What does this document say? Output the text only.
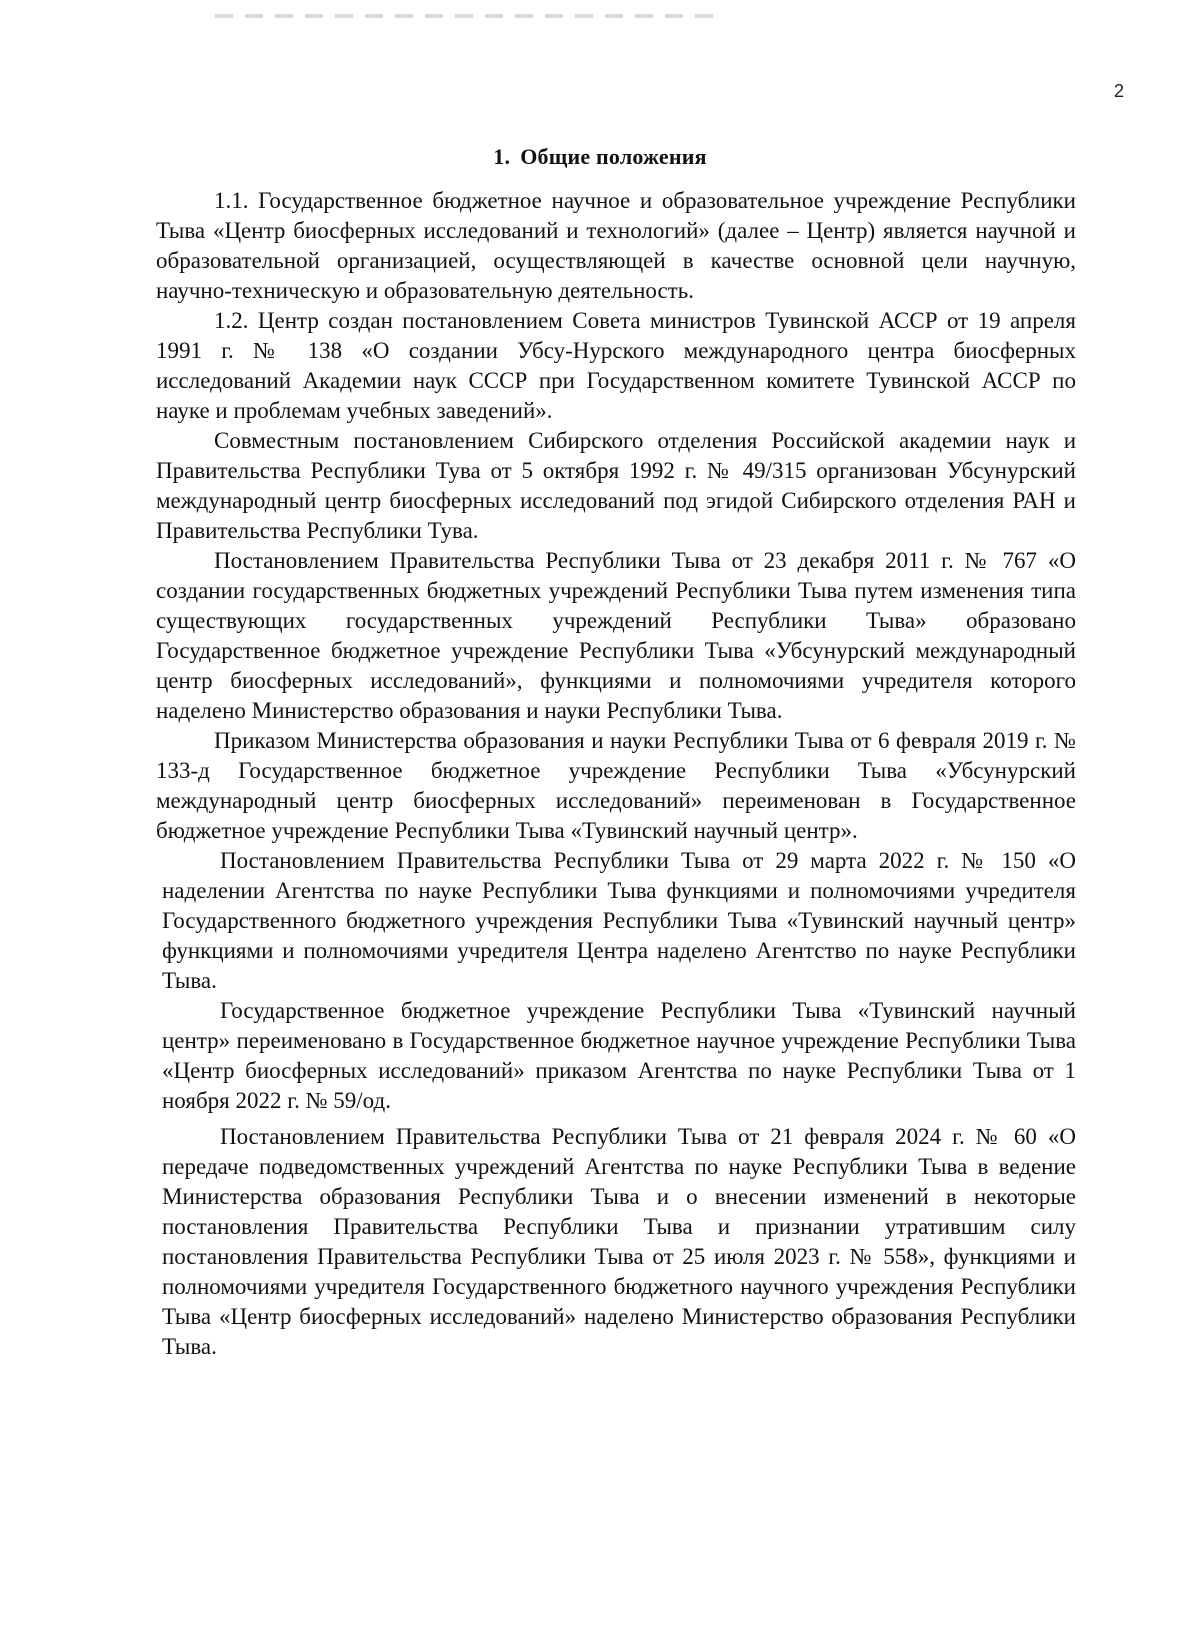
2
1. Общие положения

1.1. Государственное бюджетное научное и образовательное учреждение Республики Тыва «Центр биосферных исследований и технологий» (далее – Центр) является научной и образовательной организацией, осуществляющей в качестве основной цели научную, научно-техническую и образовательную деятельность.

1.2. Центр создан постановлением Совета министров Тувинской АССР от 19 апреля 1991 г. № 138 «О создании Убсу-Нурского международного центра биосферных исследований Академии наук СССР при Государственном комитете Тувинской АССР по науке и проблемам учебных заведений».

Совместным постановлением Сибирского отделения Российской академии наук и Правительства Республики Тува от 5 октября 1992 г. № 49/315 организован Убсунурский международный центр биосферных исследований под эгидой Сибирского отделения РАН и Правительства Республики Тува.

Постановлением Правительства Республики Тыва от 23 декабря 2011 г. № 767 «О создании государственных бюджетных учреждений Республики Тыва путем изменения типа существующих государственных учреждений Республики Тыва» образовано Государственное бюджетное учреждение Республики Тыва «Убсунурский международный центр биосферных исследований», функциями и полномочиями учредителя которого наделено Министерство образования и науки Республики Тыва.

Приказом Министерства образования и науки Республики Тыва от 6 февраля 2019 г. № 133-д Государственное бюджетное учреждение Республики Тыва «Убсунурский международный центр биосферных исследований» переименован в Государственное бюджетное учреждение Республики Тыва «Тувинский научный центр».

Постановлением Правительства Республики Тыва от 29 марта 2022 г. № 150 «О наделении Агентства по науке Республики Тыва функциями и полномочиями учредителя Государственного бюджетного учреждения Республики Тыва «Тувинский научный центр» функциями и полномочиями учредителя Центра наделено Агентство по науке Республики Тыва.

Государственное бюджетное учреждение Республики Тыва «Тувинский научный центр» переименовано в Государственное бюджетное научное учреждение Республики Тыва «Центр биосферных исследований» приказом Агентства по науке Республики Тыва от 1 ноября 2022 г. № 59/од.

Постановлением Правительства Республики Тыва от 21 февраля 2024 г. № 60 «О передаче подведомственных учреждений Агентства по науке Республики Тыва в ведение Министерства образования Республики Тыва и о внесении изменений в некоторые постановления Правительства Республики Тыва и признании утратившим силу постановления Правительства Республики Тыва от 25 июля 2023 г. № 558», функциями и полномочиями учредителя Государственного бюджетного научного учреждения Республики Тыва «Центр биосферных исследований» наделено Министерство образования Республики Тыва.
